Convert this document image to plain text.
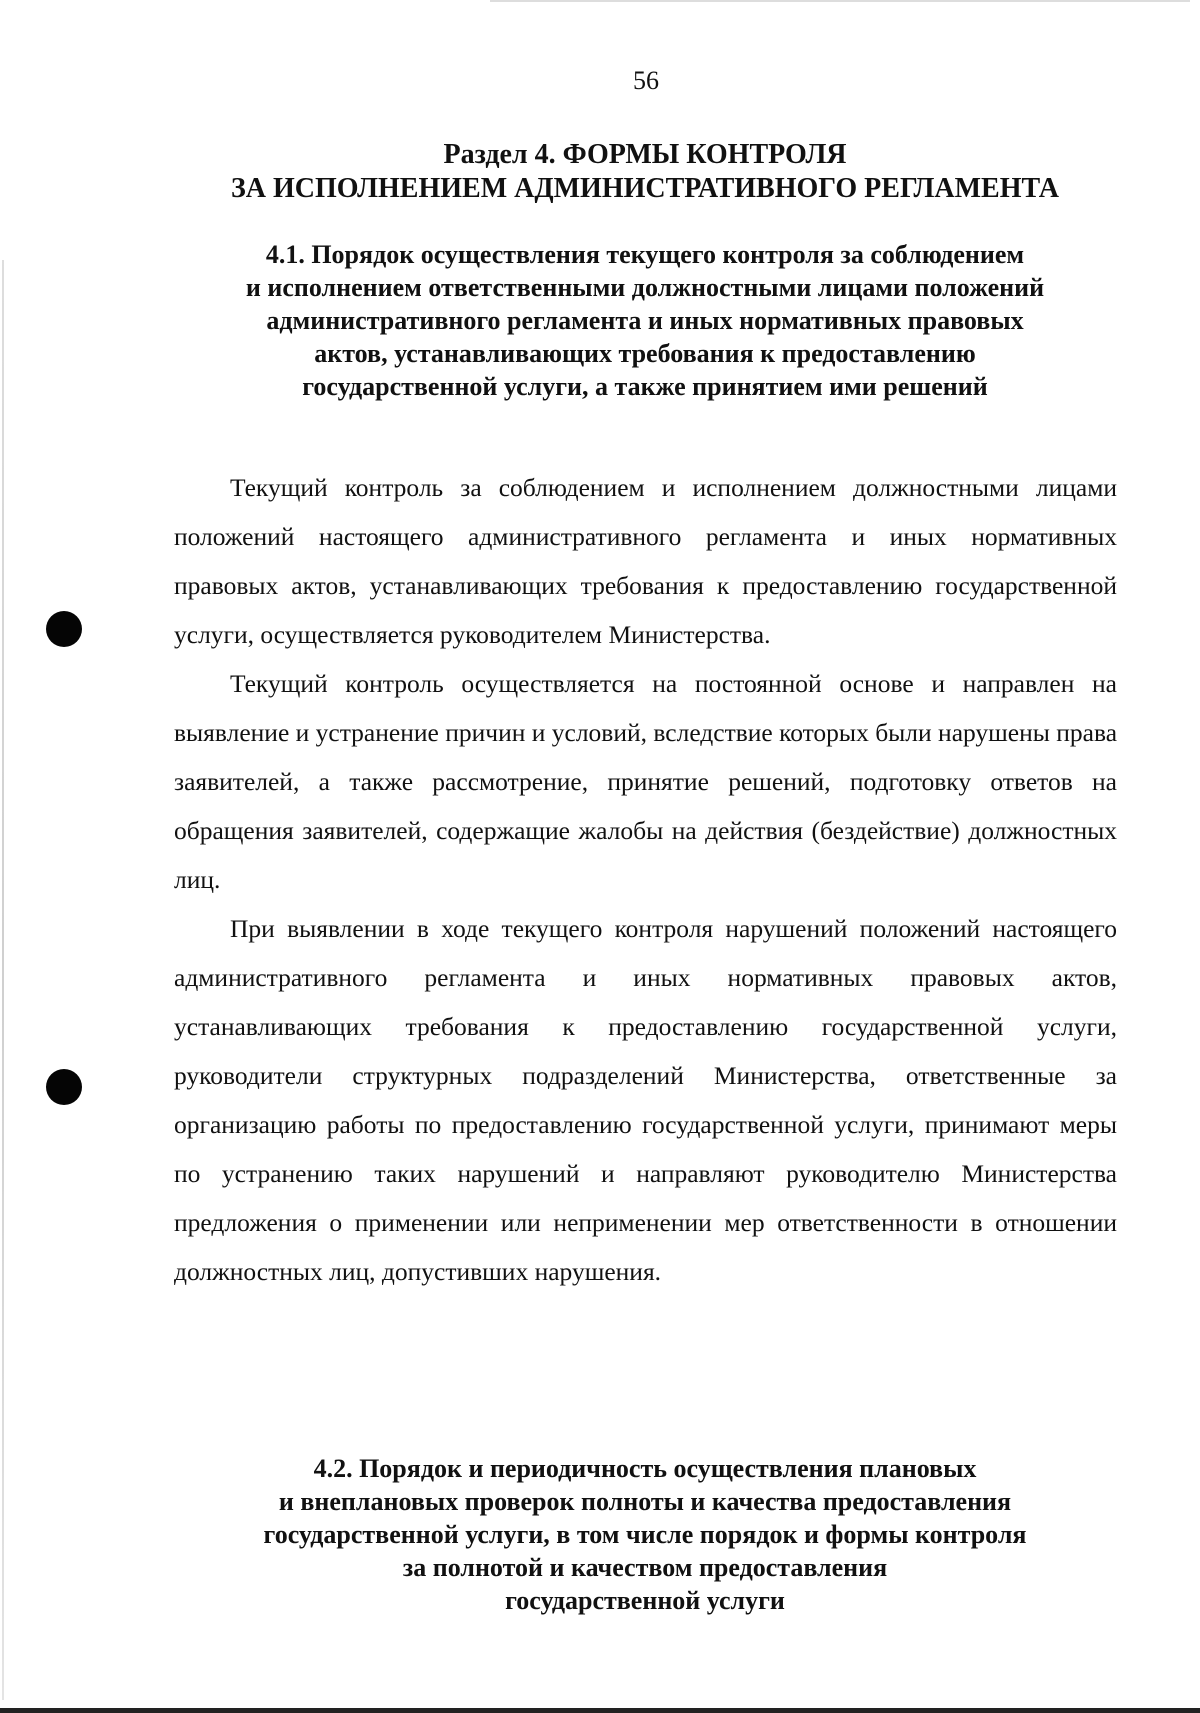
56
Раздел 4. ФОРМЫ КОНТРОЛЯ
ЗА ИСПОЛНЕНИЕМ АДМИНИСТРАТИВНОГО РЕГЛАМЕНТА
4.1. Порядок осуществления текущего контроля за соблюдением
и исполнением ответственными должностными лицами положений
административного регламента и иных нормативных правовых
актов, устанавливающих требования к предоставлению
государственной услуги, а также принятием ими решений

Текущий контроль за соблюдением и исполнением должностными лицами положений настоящего административного регламента и иных нормативных правовых актов, устанавливающих требования к предоставлению государственной услуги, осуществляется руководителем Министерства.

Текущий контроль осуществляется на постоянной основе и направлен на выявление и устранение причин и условий, вследствие которых были нарушены права заявителей, а также рассмотрение, принятие решений, подготовку ответов на обращения заявителей, содержащие жалобы на действия (бездействие) должностных лиц.

При выявлении в ходе текущего контроля нарушений положений настоящего административного регламента и иных нормативных правовых актов, устанавливающих требования к предоставлению государственной услуги, руководители структурных подразделений Министерства, ответственные за организацию работы по предоставлению государственной услуги, принимают меры по устранению таких нарушений и направляют руководителю Министерства предложения о применении или неприменении мер ответственности в отношении должностных лиц, допустивших нарушения.

4.2. Порядок и периодичность осуществления плановых
и внеплановых проверок полноты и качества предоставления
государственной услуги, в том числе порядок и формы контроля
за полнотой и качеством предоставления
государственной услуги
